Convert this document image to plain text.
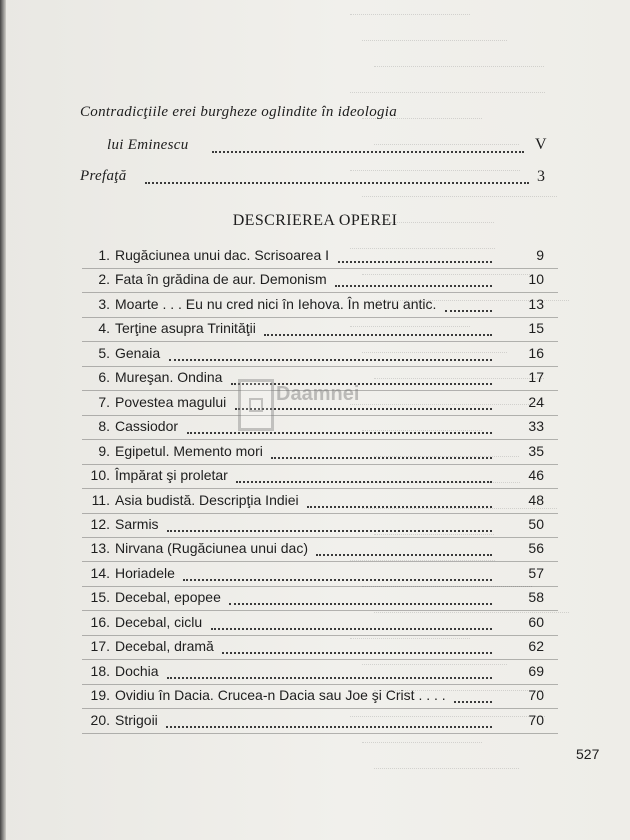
Contradicţiile erei burgheze oglindite în ideologia
lui Eminescu	V
Prefaţă	3
DESCRIEREA OPEREI
1. Rugăciunea unui dac. Scrisoarea I	9
2. Fata în grădina de aur. Demonism	10
3. Moarte . . . Eu nu cred nici în Iehova. În metru antic.	13
4. Terţine asupra Trinităţii	15
5. Genaia	16
6. Mureşan. Ondina	17
7. Povestea magului	24
8. Cassiodor	33
9. Egipetul. Memento mori	35
10. Împărat şi proletar	46
11. Asia budistă. Descripţia Indiei	48
12. Sarmis	50
13. Nirvana (Rugăciunea unui dac)	56
14. Horiadele	57
15. Decebal, epopee	58
16. Decebal, ciclu	60
17. Decebal, dramă	62
18. Dochia	69
19. Ovidiu în Dacia. Crucea-n Dacia sau Joe şi Crist . . . .	70
20. Strigoii	70
527
Daamnei
